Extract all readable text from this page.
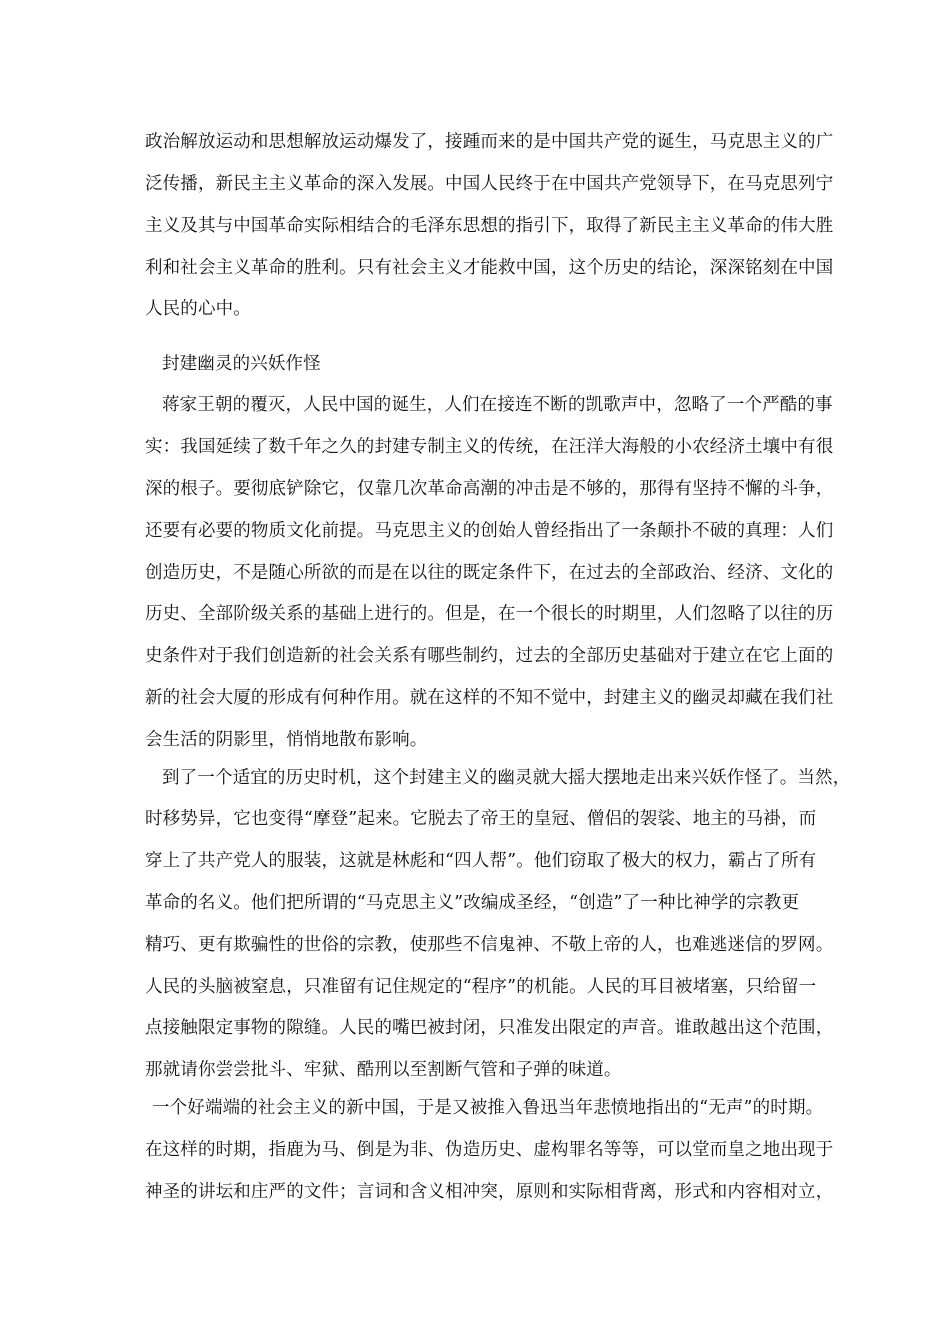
政治解放运动和思想解放运动爆发了，接踵而来的是中国共产党的诞生，马克思主义的广
泛传播，新民主主义革命的深入发展。中国人民终于在中国共产党领导下，在马克思列宁
主义及其与中国革命实际相结合的毛泽东思想的指引下，取得了新民主主义革命的伟大胜
利和社会主义革命的胜利。只有社会主义才能救中国，这个历史的结论，深深铭刻在中国
人民的心中。
封建幽灵的兴妖作怪
蒋家王朝的覆灭，人民中国的诞生，人们在接连不断的凯歌声中，忽略了一个严酷的事
实：我国延续了数千年之久的封建专制主义的传统，在汪洋大海般的小农经济土壤中有很
深的根子。要彻底铲除它，仅靠几次革命高潮的冲击是不够的，那得有坚持不懈的斗争，
还要有必要的物质文化前提。马克思主义的创始人曾经指出了一条颠扑不破的真理：人们
创造历史，不是随心所欲的而是在以往的既定条件下，在过去的全部政治、经济、文化的
历史、全部阶级关系的基础上进行的。但是，在一个很长的时期里，人们忽略了以往的历
史条件对于我们创造新的社会关系有哪些制约，过去的全部历史基础对于建立在它上面的
新的社会大厦的形成有何种作用。就在这样的不知不觉中，封建主义的幽灵却藏在我们社
会生活的阴影里，悄悄地散布影响。
到了一个适宜的历史时机，这个封建主义的幽灵就大摇大摆地走出来兴妖作怪了。当然，
时移势异，它也变得“摩登”起来。它脱去了帝王的皇冠、僧侣的袈裟、地主的马褂，而
穿上了共产党人的服装，这就是林彪和“四人帮”。他们窃取了极大的权力，霸占了所有
革命的名义。他们把所谓的“马克思主义”改编成圣经，“创造”了一种比神学的宗教更
精巧、更有欺骗性的世俗的宗教，使那些不信鬼神、不敬上帝的人，也难逃迷信的罗网。
人民的头脑被窒息，只准留有记住规定的“程序”的机能。人民的耳目被堵塞，只给留一
点接触限定事物的隙缝。人民的嘴巴被封闭，只准发出限定的声音。谁敢越出这个范围，
那就请你尝尝批斗、牢狱、酷刑以至割断气管和子弹的味道。
一个好端端的社会主义的新中国，于是又被推入鲁迅当年悲愤地指出的“无声”的时期。
在这样的时期，指鹿为马、倒是为非、伪造历史、虚构罪名等等，可以堂而皇之地出现于
神圣的讲坛和庄严的文件；言词和含义相冲突，原则和实际相背离，形式和内容相对立，
